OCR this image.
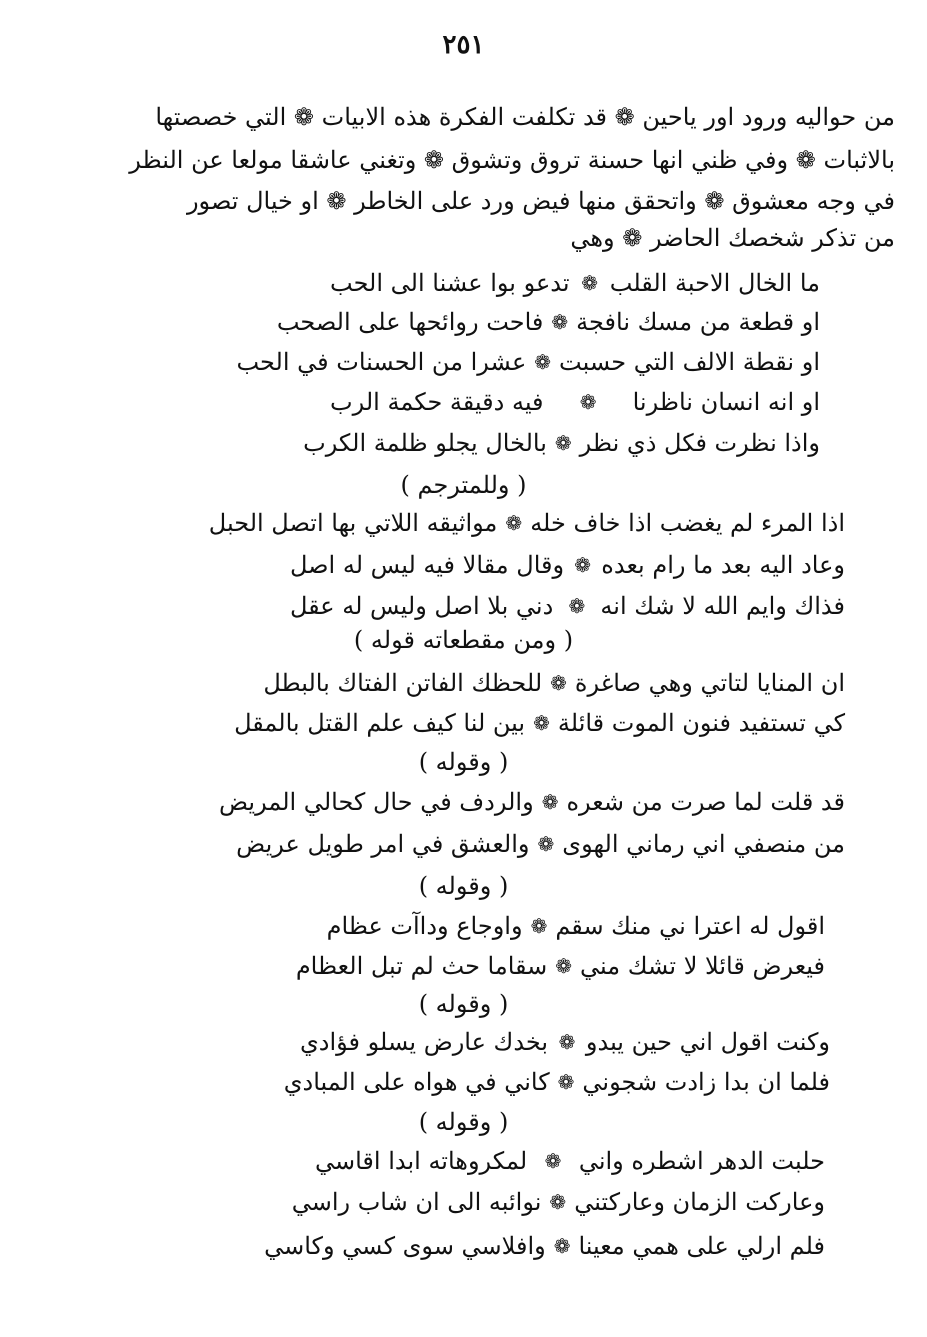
٢٥١
من حواليه ورود اور ياحين ❁ قد تكلفت الفكرة هذه الابيات ❁ التي خصصتها
بالاثبات ❁ وفي ظني انها حسنة تروق وتشوق ❁ وتغني عاشقا مولعا عن النظر
في وجه معشوق ❁ واتحقق منها فيض ورد على الخاطر ❁ او خيال تصور
من تذكر شخصك الحاضر ❁ وهي
ما الخال الاحبة القلب
❁
تدعو بوا عشنا الى الحب
او قطعة من مسك نافجة
❁
فاحت روائحها على الصحب
او نقطة الالف التي حسبت
❁
عشرا من الحسنات في الحب
او انه انسان ناظرنا
❁
فيه دقيقة حكمة الرب
واذا نظرت فكل ذي نظر
❁
بالخال يجلو ظلمة الكرب
( وللمترجم )
اذا المرء لم يغضب اذا خاف خله
❁
مواثيقه اللاتي بها اتصل الحبل
وعاد اليه بعد ما رام بعده
❁
وقال مقالا فيه ليس له اصل
فذاك وايم الله لا شك انه
❁
دني بلا اصل وليس له عقل
( ومن مقطعاته قوله )
ان المنايا لتاتي وهي صاغرة
❁
للحظك الفاتن الفتاك بالبطل
كي تستفيد فنون الموت قائلة
❁
بين لنا كيف علم القتل بالمقل
( وقوله )
قد قلت لما صرت من شعره
❁
والردف في حال كحالي المريض
من منصفي اني رماني الهوى
❁
والعشق في امر طويل عريض
( وقوله )
اقول له اعترا ني منك سقم
❁
واوجاع وداآت عظام
فيعرض قائلا لا تشك مني
❁
سقاما حث لم تبل العظام
( وقوله )
وكنت اقول اني حين يبدو
❁
بخدك عارض يسلو فؤادي
فلما ان بدا زادت شجوني
❁
كاني في هواه على المبادي
( وقوله )
حلبت الدهر اشطره واني
❁
لمكروهاته ابدا اقاسي
وعاركت الزمان وعاركتني
❁
نوائبه الى ان شاب راسي
فلم ارلي على همي معينا
❁
وافلاسي سوى كسي وكاسي
